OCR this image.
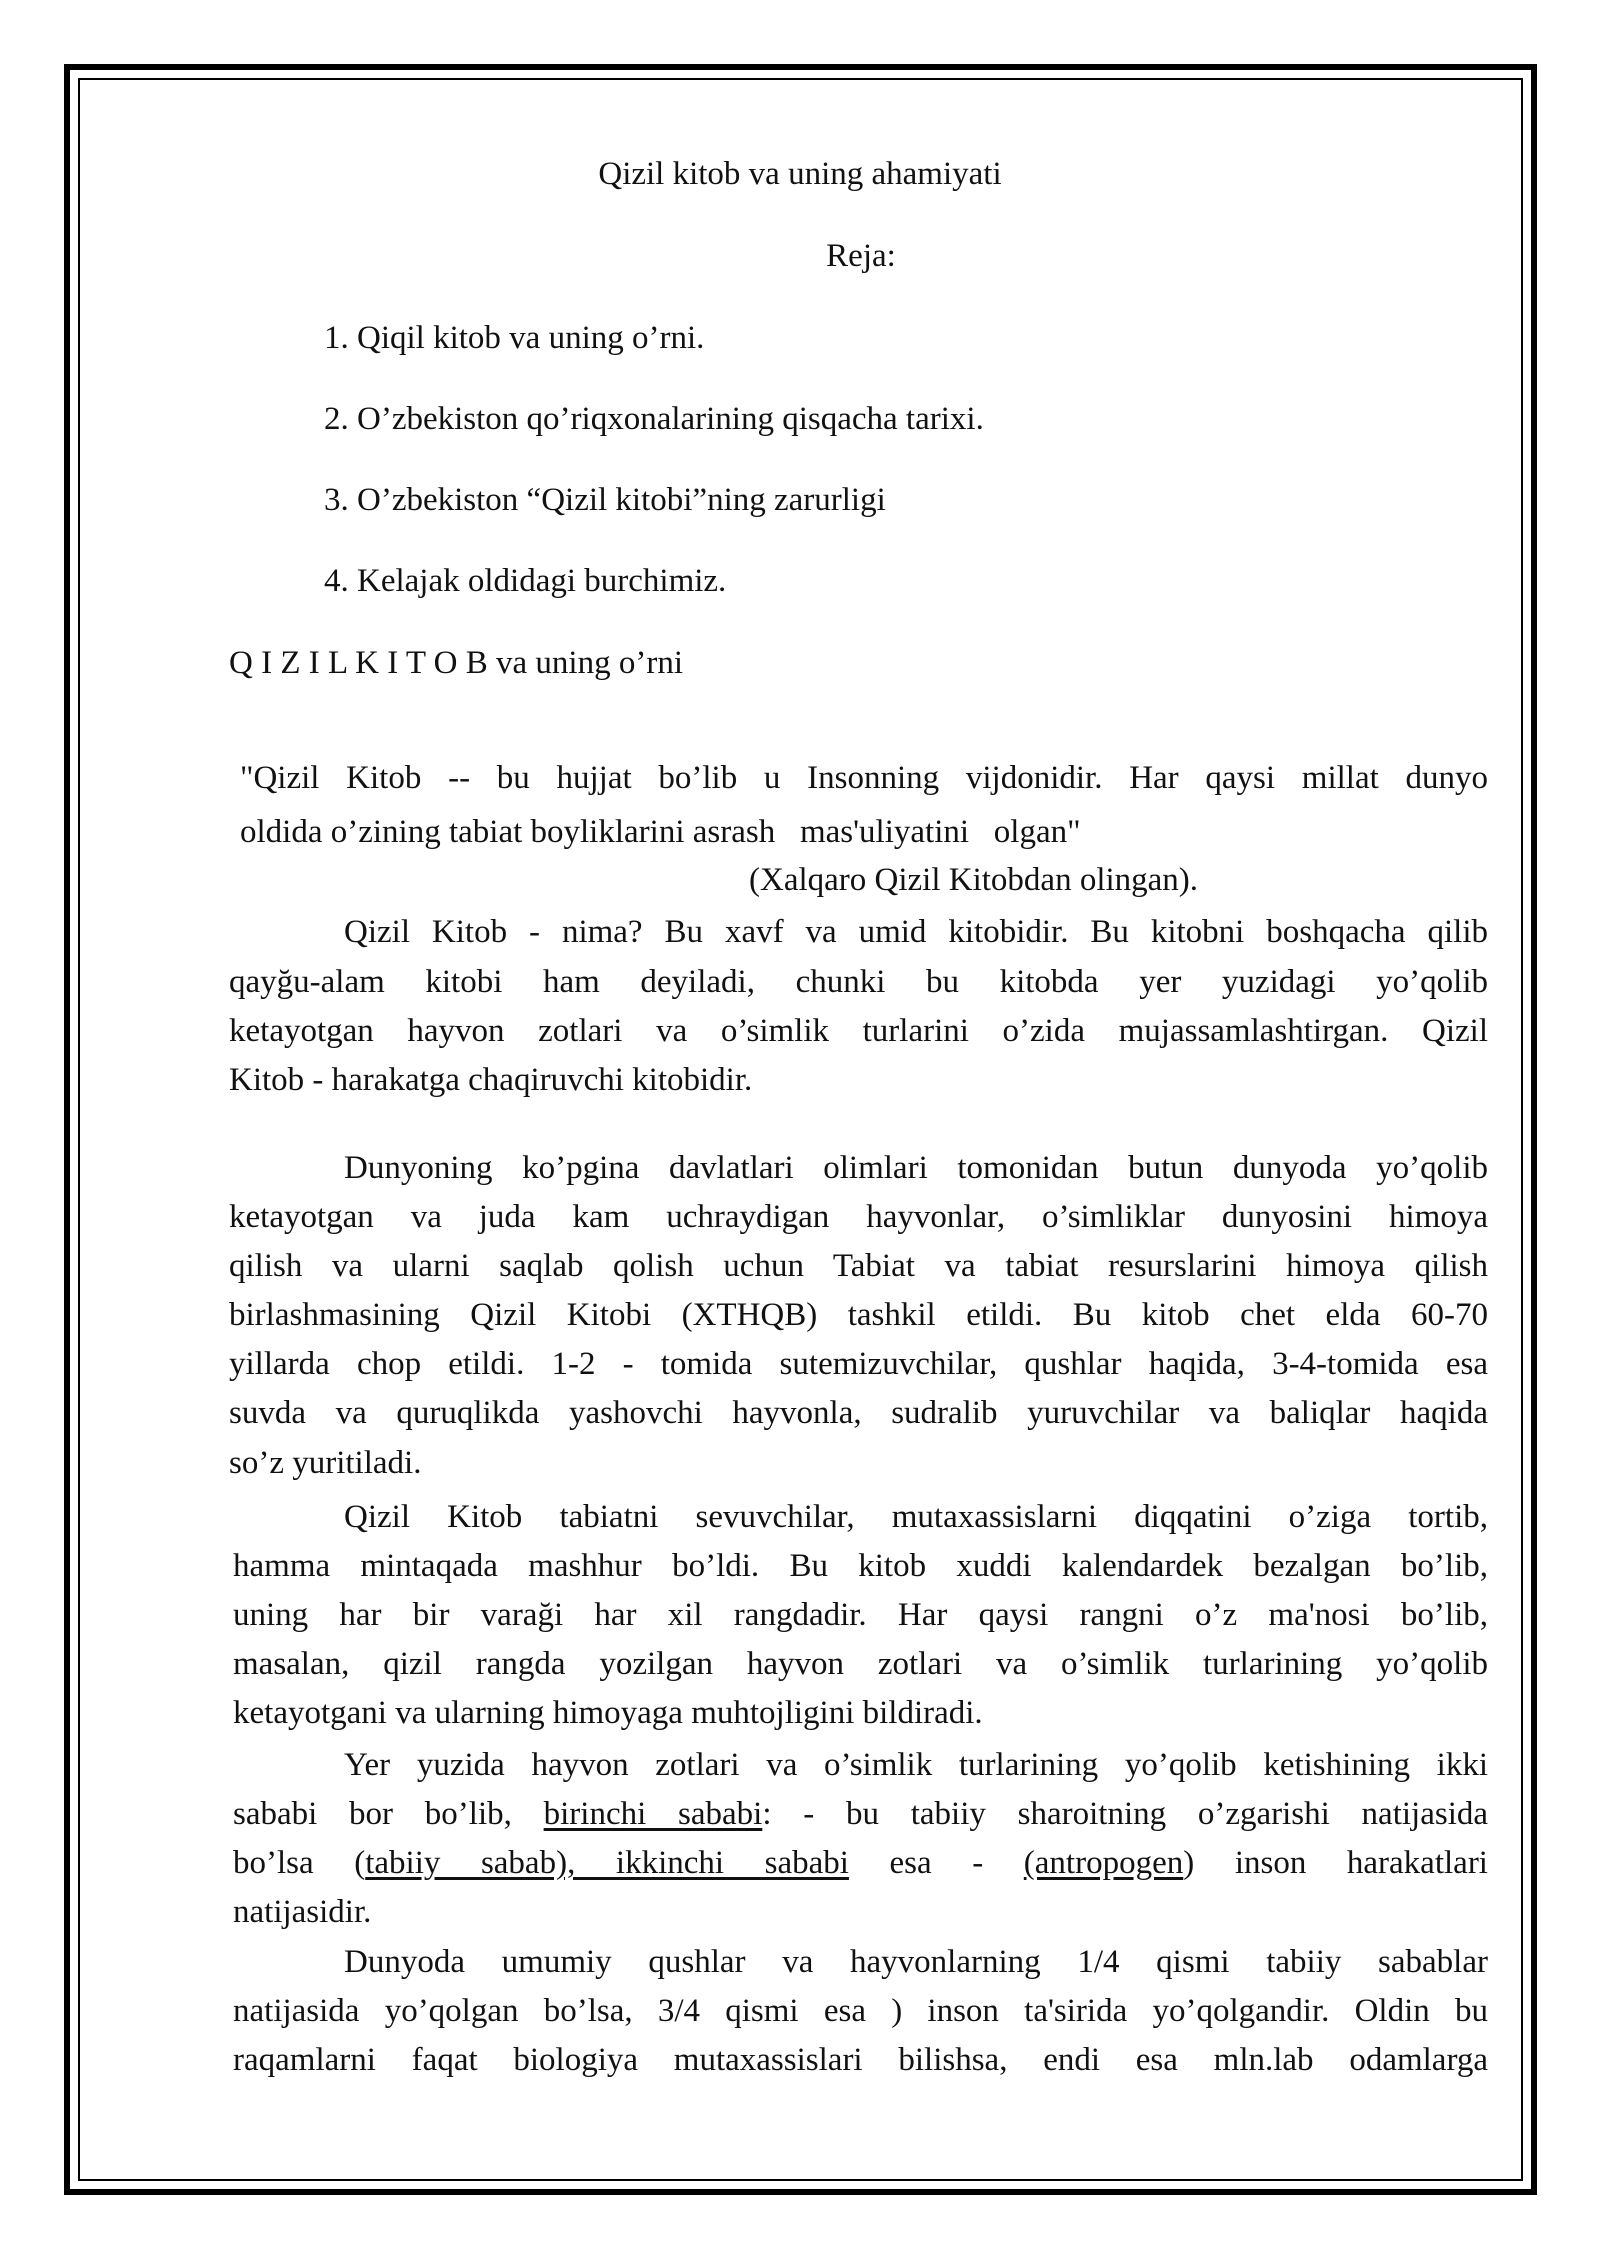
Qizil kitob va uning ahamiyati
Reja:
1. Qiqil kitob va uning o’rni.
2. O’zbekiston qo’riqxonalarining qisqacha tarixi.
3. O’zbekiston “Qizil kitobi”ning zarurligi
4. Kelajak oldidagi burchimiz.
Q I Z I L K I T O B va uning o’rni
"Qizil Kitob -- bu hujjat bo’lib u Insonning vijdonidir. Har qaysi millat dunyo
oldida o’zining tabiat boyliklarini asrash   mas'uliyatini   olgan"
(Xalqaro Qizil Kitobdan olingan).
Qizil Kitob - nima? Bu xavf va umid kitobidir. Bu kitobni boshqacha qilib
qayğu-alam kitobi ham deyiladi, chunki bu kitobda yer yuzidagi yo’qolib
ketayotgan hayvon zotlari va o’simlik turlarini o’zida mujassamlashtirgan. Qizil
Kitob - harakatga chaqiruvchi kitobidir.
Dunyoning ko’pgina davlatlari olimlari tomonidan butun dunyoda yo’qolib
ketayotgan va juda kam uchraydigan hayvonlar, o’simliklar dunyosini himoya
qilish va ularni saqlab qolish uchun Tabiat va tabiat resurslarini himoya qilish
birlashmasining Qizil Kitobi (XTHQB) tashkil etildi. Bu kitob chet elda 60-70
yillarda chop etildi. 1-2 - tomida sutemizuvchilar, qushlar haqida, 3-4-tomida esa
suvda va quruqlikda yashovchi hayvonla, sudralib yuruvchilar va baliqlar haqida
so’z yuritiladi.
Qizil Kitob tabiatni sevuvchilar, mutaxassislarni diqqatini o’ziga tortib,
hamma mintaqada mashhur bo’ldi. Bu kitob xuddi kalendardek bezalgan bo’lib,
uning har bir varaği har xil rangdadir. Har qaysi rangni o’z ma'nosi bo’lib,
masalan, qizil rangda yozilgan hayvon zotlari va o’simlik turlarining yo’qolib
ketayotgani va ularning himoyaga muhtojligini bildiradi.
Yer yuzida hayvon zotlari va o’simlik turlarining yo’qolib ketishining ikki
sababi bor bo’lib, birinchi sababi: - bu tabiiy sharoitning o’zgarishi natijasida
bo’lsa (tabiiy sabab), ikkinchi sababi esa - (antropogen) inson harakatlari
natijasidir.
Dunyoda umumiy qushlar va hayvonlarning 1/4 qismi tabiiy sabablar
natijasida yo’qolgan bo’lsa, 3/4 qismi esa ) inson ta'sirida yo’qolgandir. Oldin bu
raqamlarni faqat biologiya mutaxassislari bilishsa, endi esa mln.lab odamlarga
